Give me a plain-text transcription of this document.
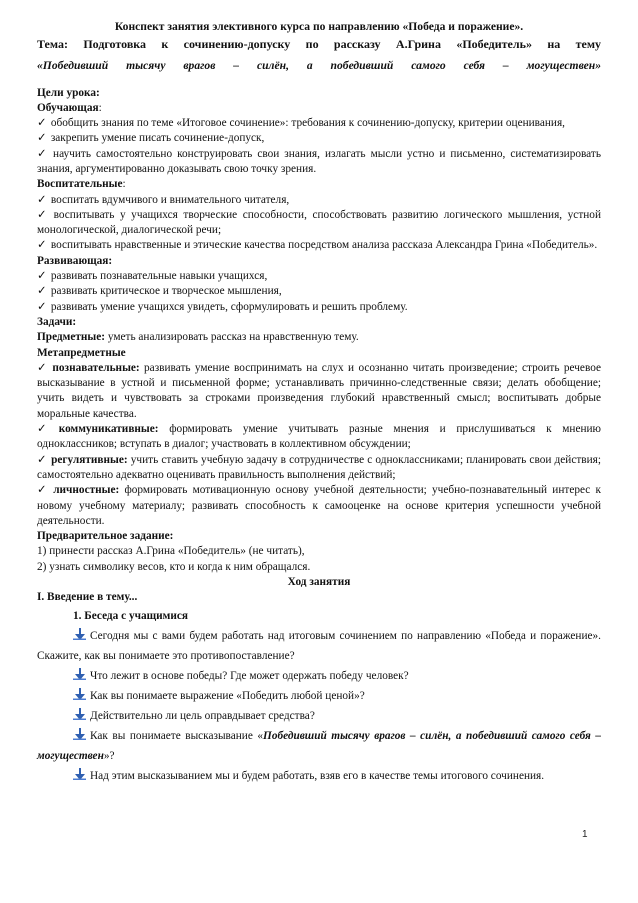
Конспект занятия элективного курса по направлению «Победа и поражение».

Тема: Подготовка к сочинению-допуску по рассказу А.Грина «Победитель» на тему

«Победивший тысячу врагов – силён, а победивший самого себя – могуществен»

Цели урока:

Обучающая:

✓ обобщить знания по теме «Итоговое сочинение»: требования к сочинению-допуску, критерии оценивания,

✓ закрепить умение писать сочинение-допуск,

✓ научить самостоятельно конструировать свои знания, излагать мысли устно и письменно, систематизировать знания, аргументированно доказывать свою точку зрения.

Воспитательные:

✓ воспитать вдумчивого и внимательного читателя,

✓ воспитывать у учащихся творческие способности, способствовать развитию логического мышления, устной монологической, диалогической речи;

✓ воспитывать нравственные и этические качества посредством анализа рассказа Александра Грина «Победитель».

Развивающая:

✓ развивать познавательные навыки учащихся,

✓ развивать критическое и творческое мышления,

✓ развивать умение учащихся увидеть, сформулировать и решить проблему.

Задачи:

Предметные: уметь анализировать рассказ на нравственную тему.

Метапредметные

✓ познавательные: развивать умение воспринимать на слух и осознанно читать произведение; строить речевое высказывание в устной и письменной форме; устанавливать причинно-следственные связи; делать обобщение; учить видеть и чувствовать за строками произведения глубокий нравственный смысл; воспитывать добрые моральные качества.

✓ коммуникативные: формировать умение учитывать разные мнения и прислушиваться к мнению одноклассников; вступать в диалог; участвовать в коллективном обсуждении;

✓ регулятивные: учить ставить учебную задачу в сотрудничестве с одноклассниками; планировать свои действия; самостоятельно адекватно оценивать правильность выполнения действий;

✓ личностные: формировать мотивационную основу учебной деятельности; учебно-познавательный интерес к новому учебному материалу; развивать способность к самооценке на основе критерия успешности учебной деятельности.

Предварительное задание:

1) принести рассказ А.Грина «Победитель» (не читать),

2) узнать символику весов, кто и когда к ним обращался.

Ход занятия

I. Введение в тему...

1. Беседа с учащимися

Сегодня мы с вами будем работать над итоговым сочинением по направлению «Победа и поражение». Скажите, как вы понимаете это противопоставление?

Что лежит в основе победы? Где может одержать победу человек?

Как вы понимаете выражение «Победить любой ценой»?

Действительно ли цель оправдывает средства?

Как вы понимаете высказывание «Победивший тысячу врагов – силён, а победивший самого себя – могуществен»?

Над этим высказыванием мы и будем работать, взяв его в качестве темы итогового сочинения.

1
